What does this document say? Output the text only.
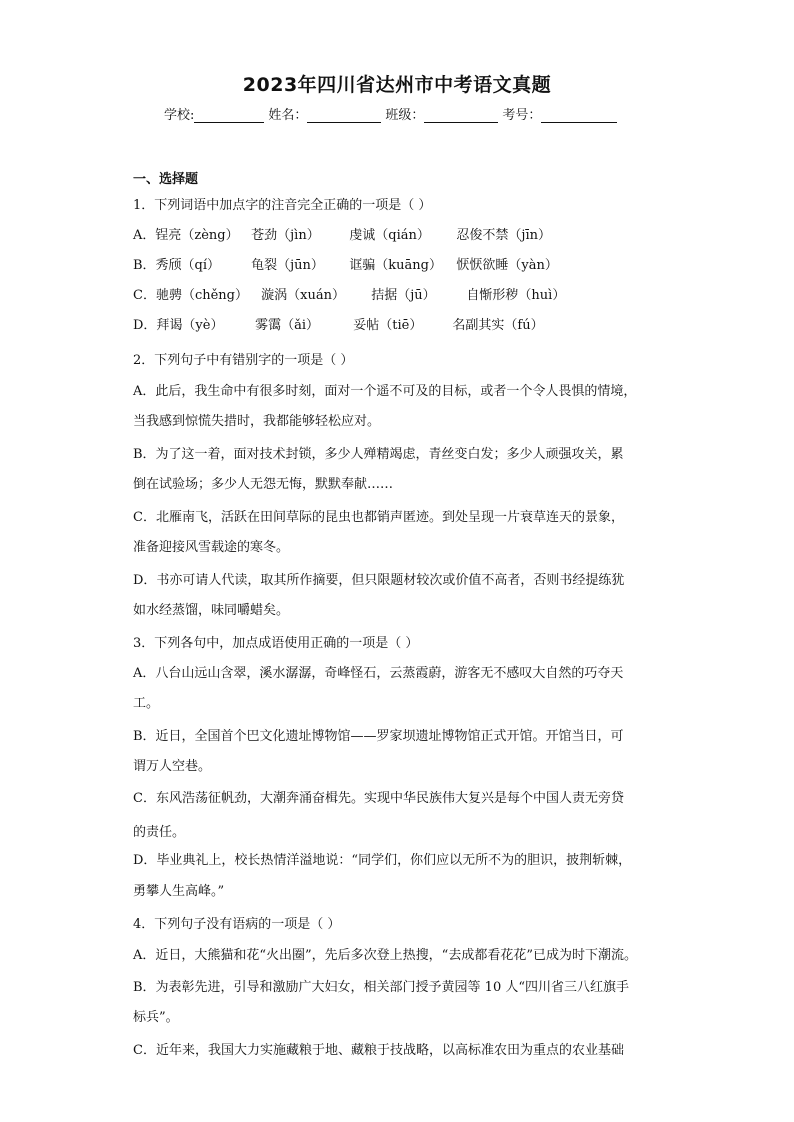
2023年四川省达州市中考语文真题
学校:	姓名：	班级：	考号：
一、选择题
1．下列词语中加点字的注音完全正确的一项是（ ）
A．锃亮（zèng） 苍劲（jìn） 虔诚（qián） 忍俊不禁（jīn）
B．秀颀（qí） 龟裂（jūn） 诓骗（kuāng） 恹恹欲睡（yàn）
C．驰骋（chěng） 漩涡（xuán） 拮据（jū） 自惭形秽（huì）
D．拜谒（yè） 雾霭（ǎi）	妥帖（tiē） 名副其实（fú）
2．下列句子中有错别字的一项是（ ）
A．此后，我生命中有很多时刻，面对一个遥不可及的目标，或者一个令人畏惧的情境，
当我感到惊慌失措时，我都能够轻松应对。
B．为了这一着，面对技术封锁，多少人殚精竭虑，青丝变白发；多少人顽强攻关，累
倒在试验场；多少人无怨无悔，默默奉献……
C．北雁南飞，活跃在田间草际的昆虫也都销声匿迹。到处呈现一片衰草连天的景象，
准备迎接风雪载途的寒冬。
D．书亦可请人代读，取其所作摘要，但只限题材较次或价值不高者，否则书经提练犹
如水经蒸馏，味同嚼蜡矣。
3．下列各句中，加点成语使用正确的一项是（ ）
A．八台山远山含翠，溪水潺潺，奇峰怪石，云蒸霞蔚，游客无不感叹大自然的巧夺天
工。
B．近日，全国首个巴文化遗址博物馆——罗家坝遗址博物馆正式开馆。开馆当日，可
谓万人空巷。
C．东风浩荡征帆劲，大潮奔涌奋楫先。实现中华民族伟大复兴是每个中国人责无旁贷
的责任。
D．毕业典礼上，校长热情洋溢地说：“同学们，你们应以无所不为的胆识，披荆斩棘，
勇攀人生高峰。”
4．下列句子没有语病的一项是（ ）
A．近日，大熊猫和花“火出圈”，先后多次登上热搜，“去成都看花花”已成为时下潮流。
B．为表彰先进，引导和激励广大妇女，相关部门授予黄园等 10 人“四川省三八红旗手
标兵”。
C．近年来，我国大力实施藏粮于地、藏粮于技战略，以高标准农田为重点的农业基础
